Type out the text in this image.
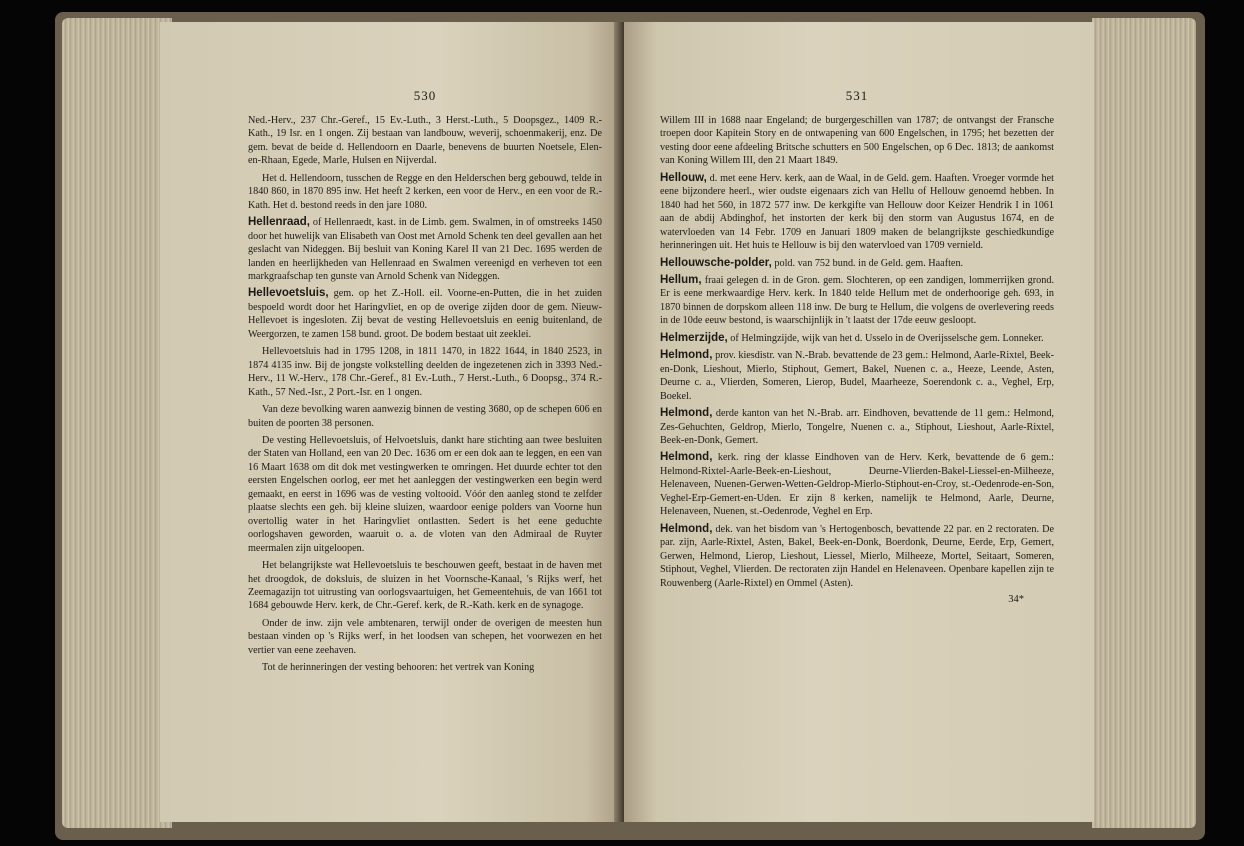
530

Ned.-Herv., 237 Chr.-Geref., 15 Ev.-Luth., 3 Herst.-Luth., 5 Doopsgez., 1409 R.-Kath., 19 Isr. en 1 ongen. Zij bestaan van landbouw, weverij, schoenmakerij, enz. De gem. bevat de beide d. Hellendoorn en Daarle, benevens de buurten Noetsele, Elen-en-Rhaan, Egede, Marle, Hulsen en Nijverdal.

Het d. Hellendoorn, tusschen de Regge en den Helderschen berg gebouwd, telde in 1840 860, in 1870 895 inw. Het heeft 2 kerken, een voor de Herv., en een voor de R.-Kath. Het d. bestond reeds in den jare 1080.

Hellenraad, of Hellenraedt, kast. in de Limb. gem. Swalmen, in of omstreeks 1450 door het huwelijk van Elisabeth van Oost met Arnold Schenk ten deel gevallen aan het geslacht van Nideggen. Bij besluit van Koning Karel II van 21 Dec. 1695 werden de landen en heerlijkheden van Hellenraad en Swalmen vereenigd en verheven tot een markgraafschap ten gunste van Arnold Schenk van Nideggen.

Hellevoetsluis, gem. op het Z.-Holl. eil. Voorne-en-Putten, die in het zuiden bespoeld wordt door het Haringvliet, en op de overige zijden door de gem. Nieuw-Hellevoet is ingesloten. Zij bevat de vesting Hellevoetsluis en eenig buitenland, de Weergorzen, te zamen 158 bund. groot. De bodem bestaat uit zeeklei.

Hellevoetsluis had in 1795 1208, in 1811 1470, in 1822 1644, in 1840 2523, in 1874 4135 inw. Bij de jongste volkstelling deelden de ingezetenen zich in 3393 Ned.-Herv., 11 W.-Herv., 178 Chr.-Geref., 81 Ev.-Luth., 7 Herst.-Luth., 6 Doopsg., 374 R.-Kath., 57 Ned.-Isr., 2 Port.-Isr. en 1 ongen.

Van deze bevolking waren aanwezig binnen de vesting 3680, op de schepen 606 en buiten de poorten 38 personen.

De vesting Hellevoetsluis, of Helvoetsluis, dankt hare stichting aan twee besluiten der Staten van Holland, een van 20 Dec. 1636 om er een dok aan te leggen, en een van 16 Maart 1638 om dit dok met vestingwerken te omringen. Het duurde echter tot den eersten Engelschen oorlog, eer met het aanleggen der vestingwerken een begin werd gemaakt, en eerst in 1696 was de vesting voltooid. Vóór den aanleg stond te zelfder plaatse slechts een geh. bij kleine sluizen, waardoor eenige polders van Voorne hun overtollig water in het Haringvliet ontlastten. Sedert is het eene geduchte oorlogshaven geworden, waaruit o. a. de vloten van den Admiraal de Ruyter meermalen zijn uitgeloopen.

Het belangrijkste wat Hellevoetsluis te beschouwen geeft, bestaat in de haven met het droogdok, de doksluis, de sluizen in het Voornsche-Kanaal, 's Rijks werf, het Zeemagazijn tot uitrusting van oorlogsvaartuigen, het Gemeentehuis, de van 1661 tot 1684 gebouwde Herv. kerk, de Chr.-Geref. kerk, de R.-Kath. kerk en de synagoge.

Onder de inw. zijn vele ambtenaren, terwijl onder de overigen de meesten hun bestaan vinden op 's Rijks werf, in het loodsen van schepen, het voorwezen en het vertier van eene zeehaven.

Tot de herinneringen der vesting behooren: het vertrek van Koning

531

Willem III in 1688 naar Engeland; de burgergeschillen van 1787; de ontvangst der Fransche troepen door Kapitein Story en de ontwapening van 600 Engelschen, in 1795; het bezetten der vesting door eene afdeeling Britsche schutters en 500 Engelschen, op 6 Dec. 1813; de aankomst van Koning Willem III, den 21 Maart 1849.

Hellouw, d. met eene Herv. kerk, aan de Waal, in de Geld. gem. Haaften. Vroeger vormde het eene bijzondere heerl., wier oudste eigenaars zich van Hellu of Hellouw genoemd hebben. In 1840 had het 560, in 1872 577 inw. De kerkgifte van Hellouw door Keizer Hendrik I in 1061 aan de abdij Abdinghof, het instorten der kerk bij den storm van Augustus 1674, en de watervloeden van 14 Febr. 1709 en Januari 1809 maken de belangrijkste geschiedkundige herinneringen uit. Het huis te Hellouw is bij den watervloed van 1709 vernield.

Hellouwsche-polder, pold. van 752 bund. in de Geld. gem. Haaften.

Hellum, fraai gelegen d. in de Gron. gem. Slochteren, op een zandigen, lommerrijken grond. Er is eene merkwaardige Herv. kerk. In 1840 telde Hellum met de onderhoorige geh. 693, in 1870 binnen de dorpskom alleen 118 inw. De burg te Hellum, die volgens de overlevering reeds in de 10de eeuw bestond, is waarschijnlijk in 't laatst der 17de eeuw gesloopt.

Helmerzijde, of Helmingzijde, wijk van het d. Usselo in de Overijsselsche gem. Lonneker.

Helmond, prov. kiesdistr. van N.-Brab. bevattende de 23 gem.: Helmond, Aarle-Rixtel, Beek-en-Donk, Lieshout, Mierlo, Stiphout, Gemert, Bakel, Nuenen c. a., Heeze, Leende, Asten, Deurne c. a., Vlierden, Someren, Lierop, Budel, Maarheeze, Soerendonk c. a., Veghel, Erp, Boekel.

Helmond, derde kanton van het N.-Brab. arr. Eindhoven, bevattende de 11 gem.: Helmond, Zes-Gehuchten, Geldrop, Mierlo, Tongelre, Nuenen c. a., Stiphout, Lieshout, Aarle-Rixtel, Beek-en-Donk, Gemert.

Helmond, kerk. ring der klasse Eindhoven van de Herv. Kerk, bevattende de 6 gem.: Helmond-Rixtel-Aarle-Beek-en-Lieshout, Deurne-Vlierden-Bakel-Liessel-en-Milheeze, Helenaveen, Nuenen-Gerwen-Wetten-Geldrop-Mierlo-Stiphout-en-Croy, st.-Oedenrode-en-Son, Veghel-Erp-Gemert-en-Uden. Er zijn 8 kerken, namelijk te Helmond, Aarle, Deurne, Helenaveen, Nuenen, st.-Oedenrode, Veghel en Erp.

Helmond, dek. van het bisdom van 's Hertogenbosch, bevattende 22 par. en 2 rectoraten. De par. zijn, Aarle-Rixtel, Asten, Bakel, Beek-en-Donk, Boerdonk, Deurne, Eerde, Erp, Gemert, Gerwen, Helmond, Lierop, Lieshout, Liessel, Mierlo, Milheeze, Mortel, Seitaart, Someren, Stiphout, Veghel, Vlierden. De rectoraten zijn Handel en Helenaveen. Openbare kapellen zijn te Rouwenberg (Aarle-Rixtel) en Ommel (Asten).

34*
